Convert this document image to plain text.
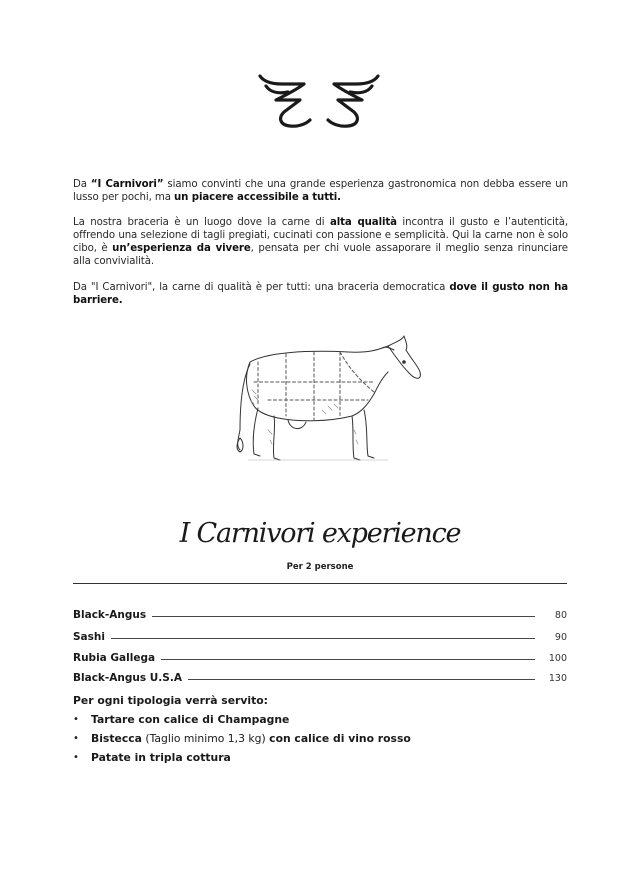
Da “I Carnivori” siamo convinti che una grande esperienza gastronomica non debba essere un lusso per pochi, ma un piacere accessibile a tutti.

La nostra braceria è un luogo dove la carne di alta qualità incontra il gusto e l’autenticità, offrendo una selezione di tagli pregiati, cucinati con passione e semplicità. Qui la carne non è solo cibo, è un’esperienza da vivere, pensata per chi vuole assaporare il meglio senza rinunciare alla convivialità.

Da "I Carnivori", la carne di qualità è per tutti: una braceria democratica dove il gusto non ha barriere.

I Carnivori experience
Per 2 persone
Black-Angus	80
Sashi	90
Rubia Gallega	100
Black-Angus U.S.A	130
Per ogni tipologia verrà servito:
• Tartare con calice di Champagne
• Bistecca (Taglio minimo 1,3 kg) con calice di vino rosso
• Patate in tripla cottura
